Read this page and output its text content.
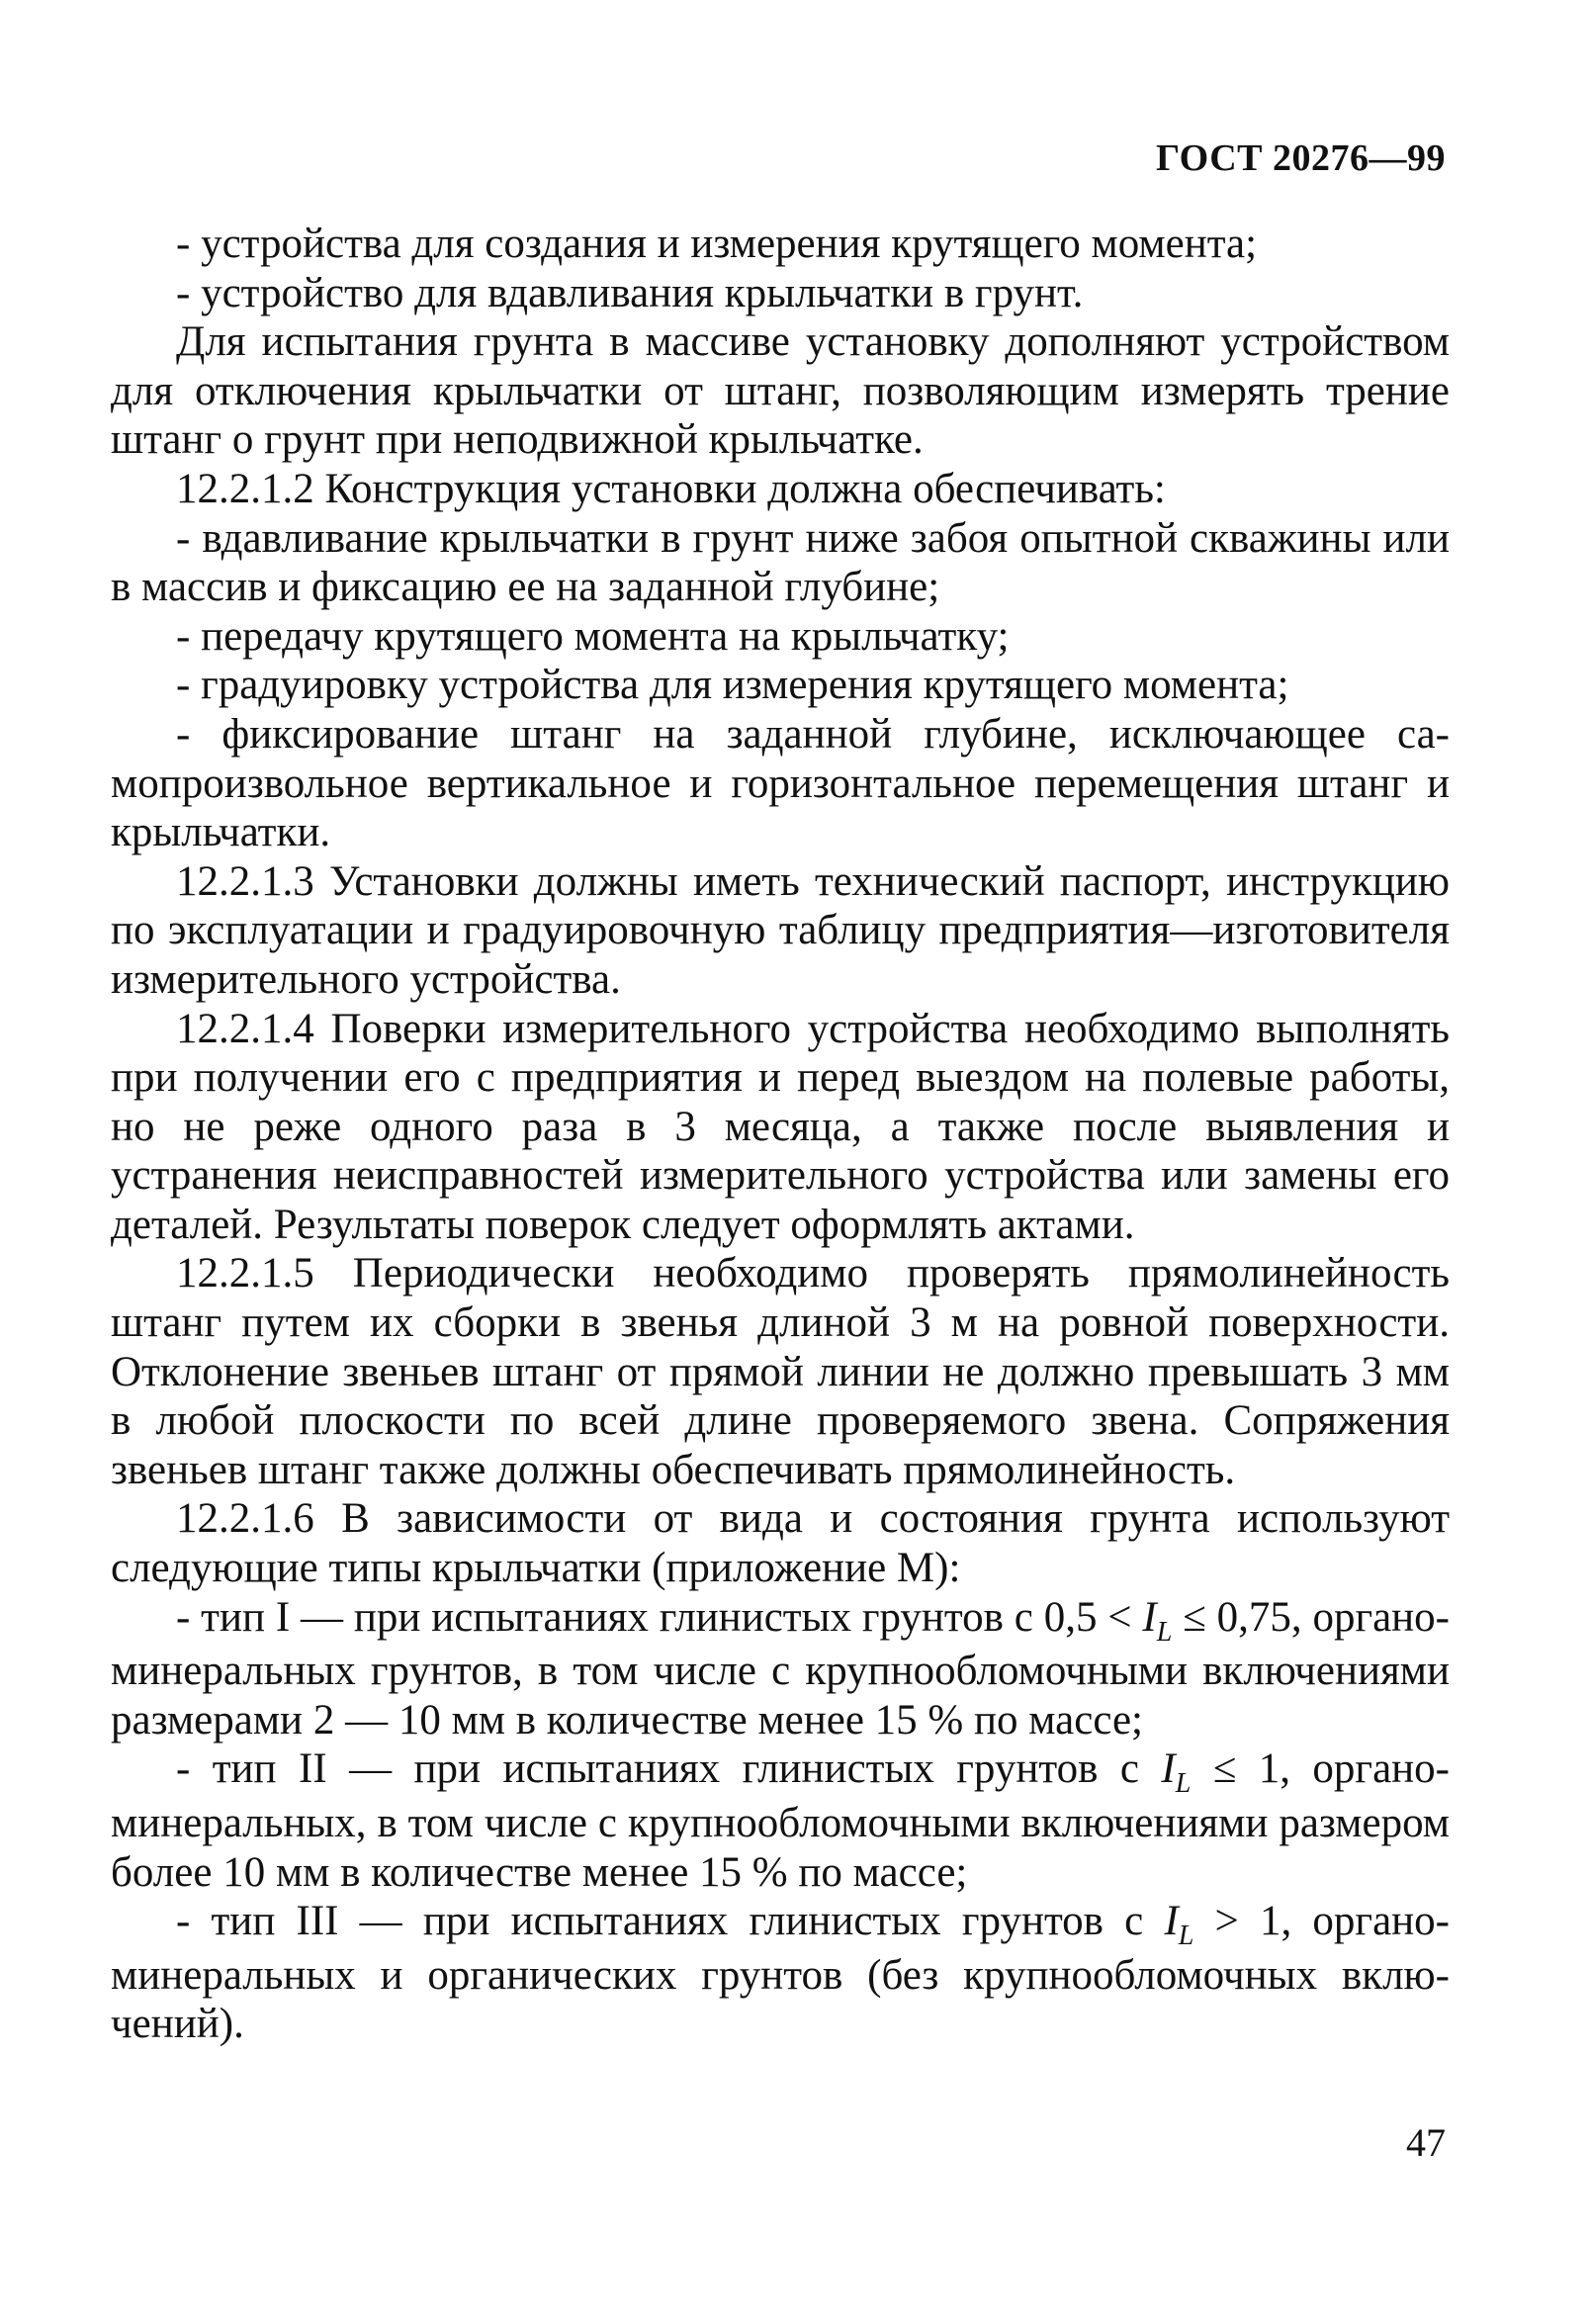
ГОСТ 20276—99

- устройства для создания и измерения крутящего момента;

- устройство для вдавливания крыльчатки в грунт.

Для испытания грунта в массиве установку дополняют устройством для отключения крыльчатки от штанг, позволяющим измерять трение штанг о грунт при неподвижной крыльчатке.

12.2.1.2 Конструкция установки должна обеспечивать:

- вдавливание крыльчатки в грунт ниже забоя опытной скважины или в массив и фиксацию ее на заданной глубине;

- передачу крутящего момента на крыльчатку;

- градуировку устройства для измерения крутящего момента;

- фиксирование штанг на заданной глубине, исключающее самопроизвольное вертикальное и горизонтальное перемещения штанг и крыльчатки.

12.2.1.3 Установки должны иметь технический паспорт, инструкцию по эксплуатации и градуировочную таблицу предприятия—изготовителя измерительного устройства.

12.2.1.4 Поверки измерительного устройства необходимо выполнять при получении его с предприятия и перед выездом на полевые работы, но не реже одного раза в 3 месяца, а также после выявления и устранения неисправностей измерительного устройства или замены его деталей. Результаты поверок следует оформлять актами.

12.2.1.5 Периодически необходимо проверять прямолинейность штанг путем их сборки в звенья длиной 3 м на ровной поверхности. Отклонение звеньев штанг от прямой линии не должно превышать 3 мм в любой плоскости по всей длине проверяемого звена. Сопряжения звеньев штанг также должны обеспечивать прямолинейность.

12.2.1.6 В зависимости от вида и состояния грунта используют следующие типы крыльчатки (приложение М):

- тип I — при испытаниях глинистых грунтов с $0,5 < I_L \le 0,75$, органо-минеральных грунтов, в том числе с крупнообломочными включениями размерами 2 — 10 мм в количестве менее 15 % по массе;

- тип II — при испытаниях глинистых грунтов с $I_L \le 1$, органоминеральных, в том числе с крупнообломочными включениями размером более 10 мм в количестве менее 15 % по массе;

- тип III — при испытаниях глинистых грунтов с $I_L > 1$, органоминеральных и органических грунтов (без крупнообломочных включений).

47
